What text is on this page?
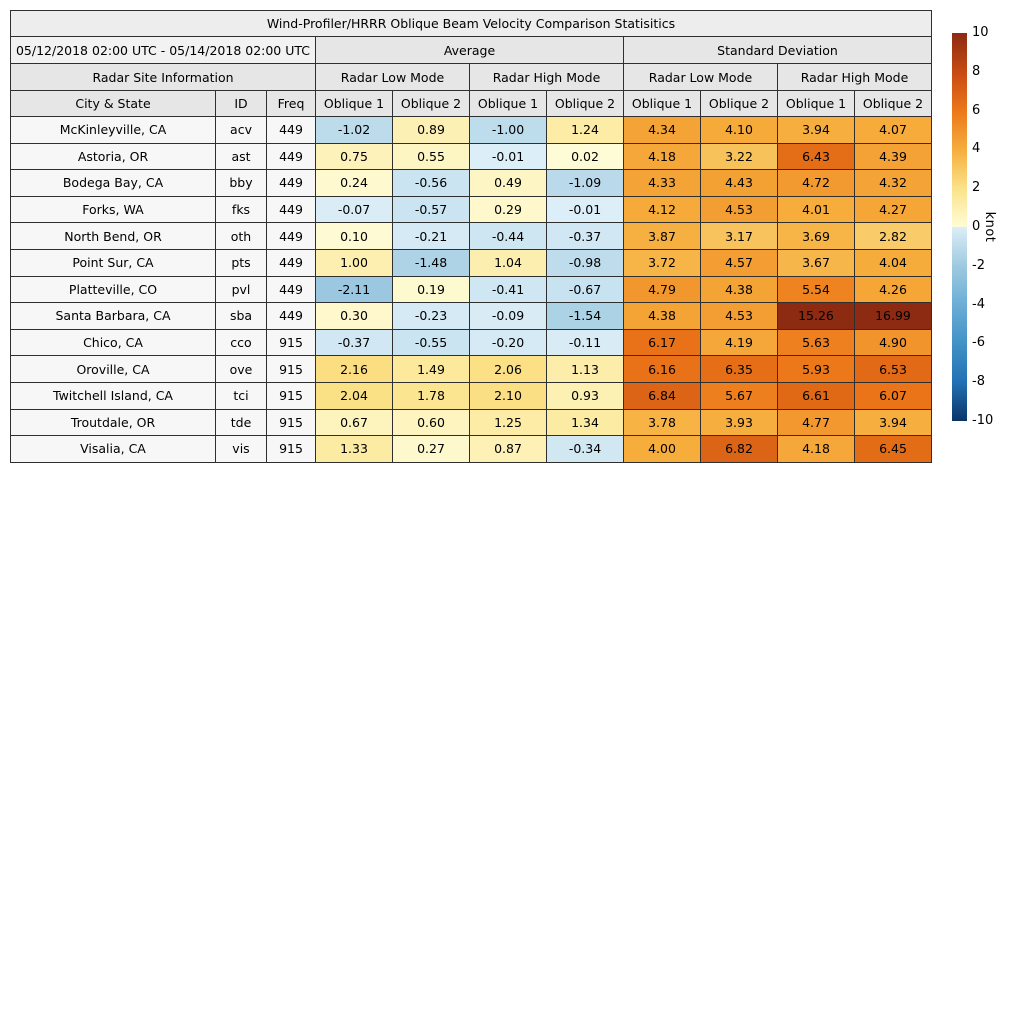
Wind-Profiler/HRRR Oblique Beam Velocity Comparison Statisitics										
05/12/2018 02:00 UTC - 05/14/2018 02:00 UTC			Average				Standard Deviation			
Radar Site Information			Radar Low Mode		Radar High Mode		Radar Low Mode		Radar High Mode	
City & State	ID	Freq	Oblique 1	Oblique 2	Oblique 1	Oblique 2	Oblique 1	Oblique 2	Oblique 1	Oblique 2
McKinleyville, CA	acv	449	-1.02	0.89	-1.00	1.24	4.34	4.10	3.94	4.07
Astoria, OR	ast	449	0.75	0.55	-0.01	0.02	4.18	3.22	6.43	4.39
Bodega Bay, CA	bby	449	0.24	-0.56	0.49	-1.09	4.33	4.43	4.72	4.32
Forks, WA	fks	449	-0.07	-0.57	0.29	-0.01	4.12	4.53	4.01	4.27
North Bend, OR	oth	449	0.10	-0.21	-0.44	-0.37	3.87	3.17	3.69	2.82
Point Sur, CA	pts	449	1.00	-1.48	1.04	-0.98	3.72	4.57	3.67	4.04
Platteville, CO	pvl	449	-2.11	0.19	-0.41	-0.67	4.79	4.38	5.54	4.26
Santa Barbara, CA	sba	449	0.30	-0.23	-0.09	-1.54	4.38	4.53	15.26	16.99
Chico, CA	cco	915	-0.37	-0.55	-0.20	-0.11	6.17	4.19	5.63	4.90
Oroville, CA	ove	915	2.16	1.49	2.06	1.13	6.16	6.35	5.93	6.53
Twitchell Island, CA	tci	915	2.04	1.78	2.10	0.93	6.84	5.67	6.61	6.07
Troutdale, OR	tde	915	0.67	0.60	1.25	1.34	3.78	3.93	4.77	3.94
Visalia, CA	vis	915	1.33	0.27	0.87	-0.34	4.00	6.82	4.18	6.45
10
8
6
4
2
0
-2
-4
-6
-8
-10
knot
